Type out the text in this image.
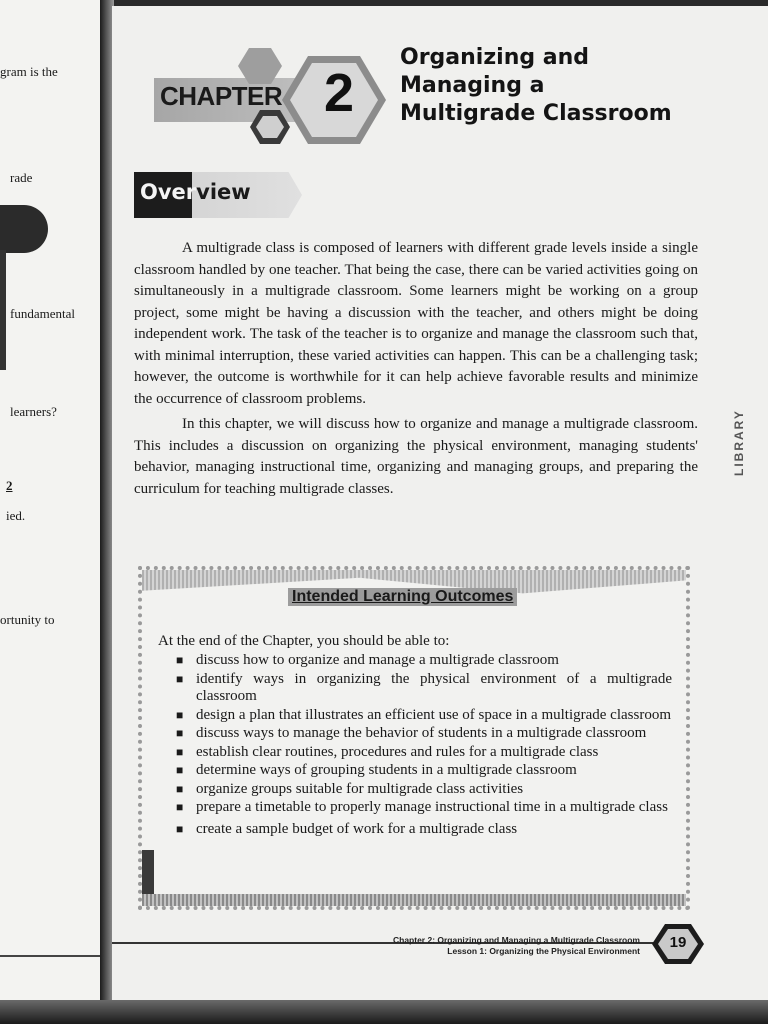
gram is the
rade
fundamental
learners?
2
ied.
ortunity to
CHAPTER 2
Organizing and
Managing a
Multigrade Classroom
Overview

A multigrade class is composed of learners with different grade levels inside a single classroom handled by one teacher. That being the case, there can be varied activities going on simultaneously in a multigrade classroom. Some learners might be working on a group project, some might be having a discussion with the teacher, and others might be doing independent work. The task of the teacher is to organize and manage the classroom such that, with minimal interruption, these varied activities can happen. This can be a challenging task; however, the outcome is worthwhile for it can help achieve favorable results and minimize the occurrence of classroom problems.

In this chapter, we will discuss how to organize and manage a multigrade classroom. This includes a discussion on organizing the physical environment, managing students' behavior, managing instructional time, organizing and managing groups, and preparing the curriculum for teaching multigrade classes.

LIBRARY
Intended Learning Outcomes
At the end of the Chapter, you should be able to:
■ discuss how to organize and manage a multigrade classroom
■ identify ways in organizing the physical environment of a multigrade classroom
■ design a plan that illustrates an efficient use of space in a multigrade classroom
■ discuss ways to manage the behavior of students in a multigrade classroom
■ establish clear routines, procedures and rules for a multigrade class
■ determine ways of grouping students in a multigrade classroom
■ organize groups suitable for multigrade class activities
■ prepare a timetable to properly manage instructional time in a multigrade class
■ create a sample budget of work for a multigrade class
Chapter 2: Organizing and Managing a Multigrade Classroom
Lesson 1: Organizing the Physical Environment	19
